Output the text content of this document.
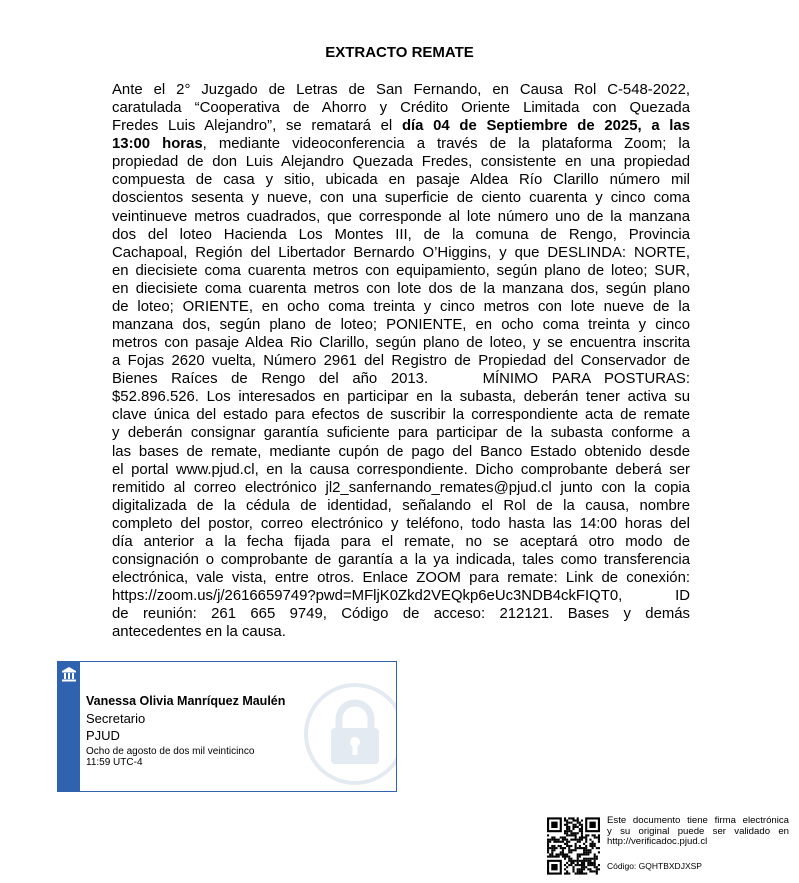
EXTRACTO REMATE
Ante el 2° Juzgado de Letras de San Fernando, en Causa Rol C-548-2022,
caratulada “Cooperativa de Ahorro y Crédito Oriente Limitada con Quezada
Fredes Luis Alejandro”, se rematará el día 04 de Septiembre de 2025, a las
13:00 horas, mediante videoconferencia a través de la plataforma Zoom; la
propiedad de don Luis Alejandro Quezada Fredes, consistente en una propiedad
compuesta de casa y sitio, ubicada en pasaje Aldea Río Clarillo número mil
doscientos sesenta y nueve, con una superficie de ciento cuarenta y cinco coma
veintinueve metros cuadrados, que corresponde al lote número uno de la manzana
dos del loteo Hacienda Los Montes III, de la comuna de Rengo, Provincia
Cachapoal, Región del Libertador Bernardo O’Higgins, y que DESLINDA: NORTE,
en diecisiete coma cuarenta metros con equipamiento, según plano de loteo; SUR,
en diecisiete coma cuarenta metros con lote dos de la manzana dos, según plano
de loteo; ORIENTE, en ocho coma treinta y cinco metros con lote nueve de la
manzana dos, según plano de loteo; PONIENTE, en ocho coma treinta y cinco
metros con pasaje Aldea Rio Clarillo, según plano de loteo, y se encuentra inscrita
a Fojas 2620 vuelta, Número 2961 del Registro de Propiedad del Conservador de
Bienes Raíces de Rengo del año 2013.    MÍNIMO PARA POSTURAS:
$52.896.526. Los interesados en participar en la subasta, deberán tener activa su
clave única del estado para efectos de suscribir la correspondiente acta de remate
y deberán consignar garantía suficiente para participar de la subasta conforme a
las bases de remate, mediante cupón de pago del Banco Estado obtenido desde
el portal www.pjud.cl, en la causa correspondiente. Dicho comprobante deberá ser
remitido al correo electrónico jl2_sanfernando_remates@pjud.cl junto con la copia
digitalizada de la cédula de identidad, señalando el Rol de la causa, nombre
completo del postor, correo electrónico y teléfono, todo hasta las 14:00 horas del
día anterior a la fecha fijada para el remate, no se aceptará otro modo de
consignación o comprobante de garantía a la ya indicada, tales como transferencia
electrónica, vale vista, entre otros. Enlace ZOOM para remate: Link de conexión:
https://zoom.us/j/2616659749?pwd=MFljK0Zkd2VEQkp6eUc3NDB4ckFIQT0,    ID
de reunión: 261 665 9749, Código de acceso: 212121. Bases y demás
antecedentes en la causa.
Vanessa Olivia Manríquez Maulén
Secretario
PJUD
Ocho de agosto de dos mil veinticinco
11:59 UTC-4
Este documento tiene firma electrónica
y su original puede ser validado en
http://verificadoc.pjud.cl
Código: GQHTBXDJXSP
